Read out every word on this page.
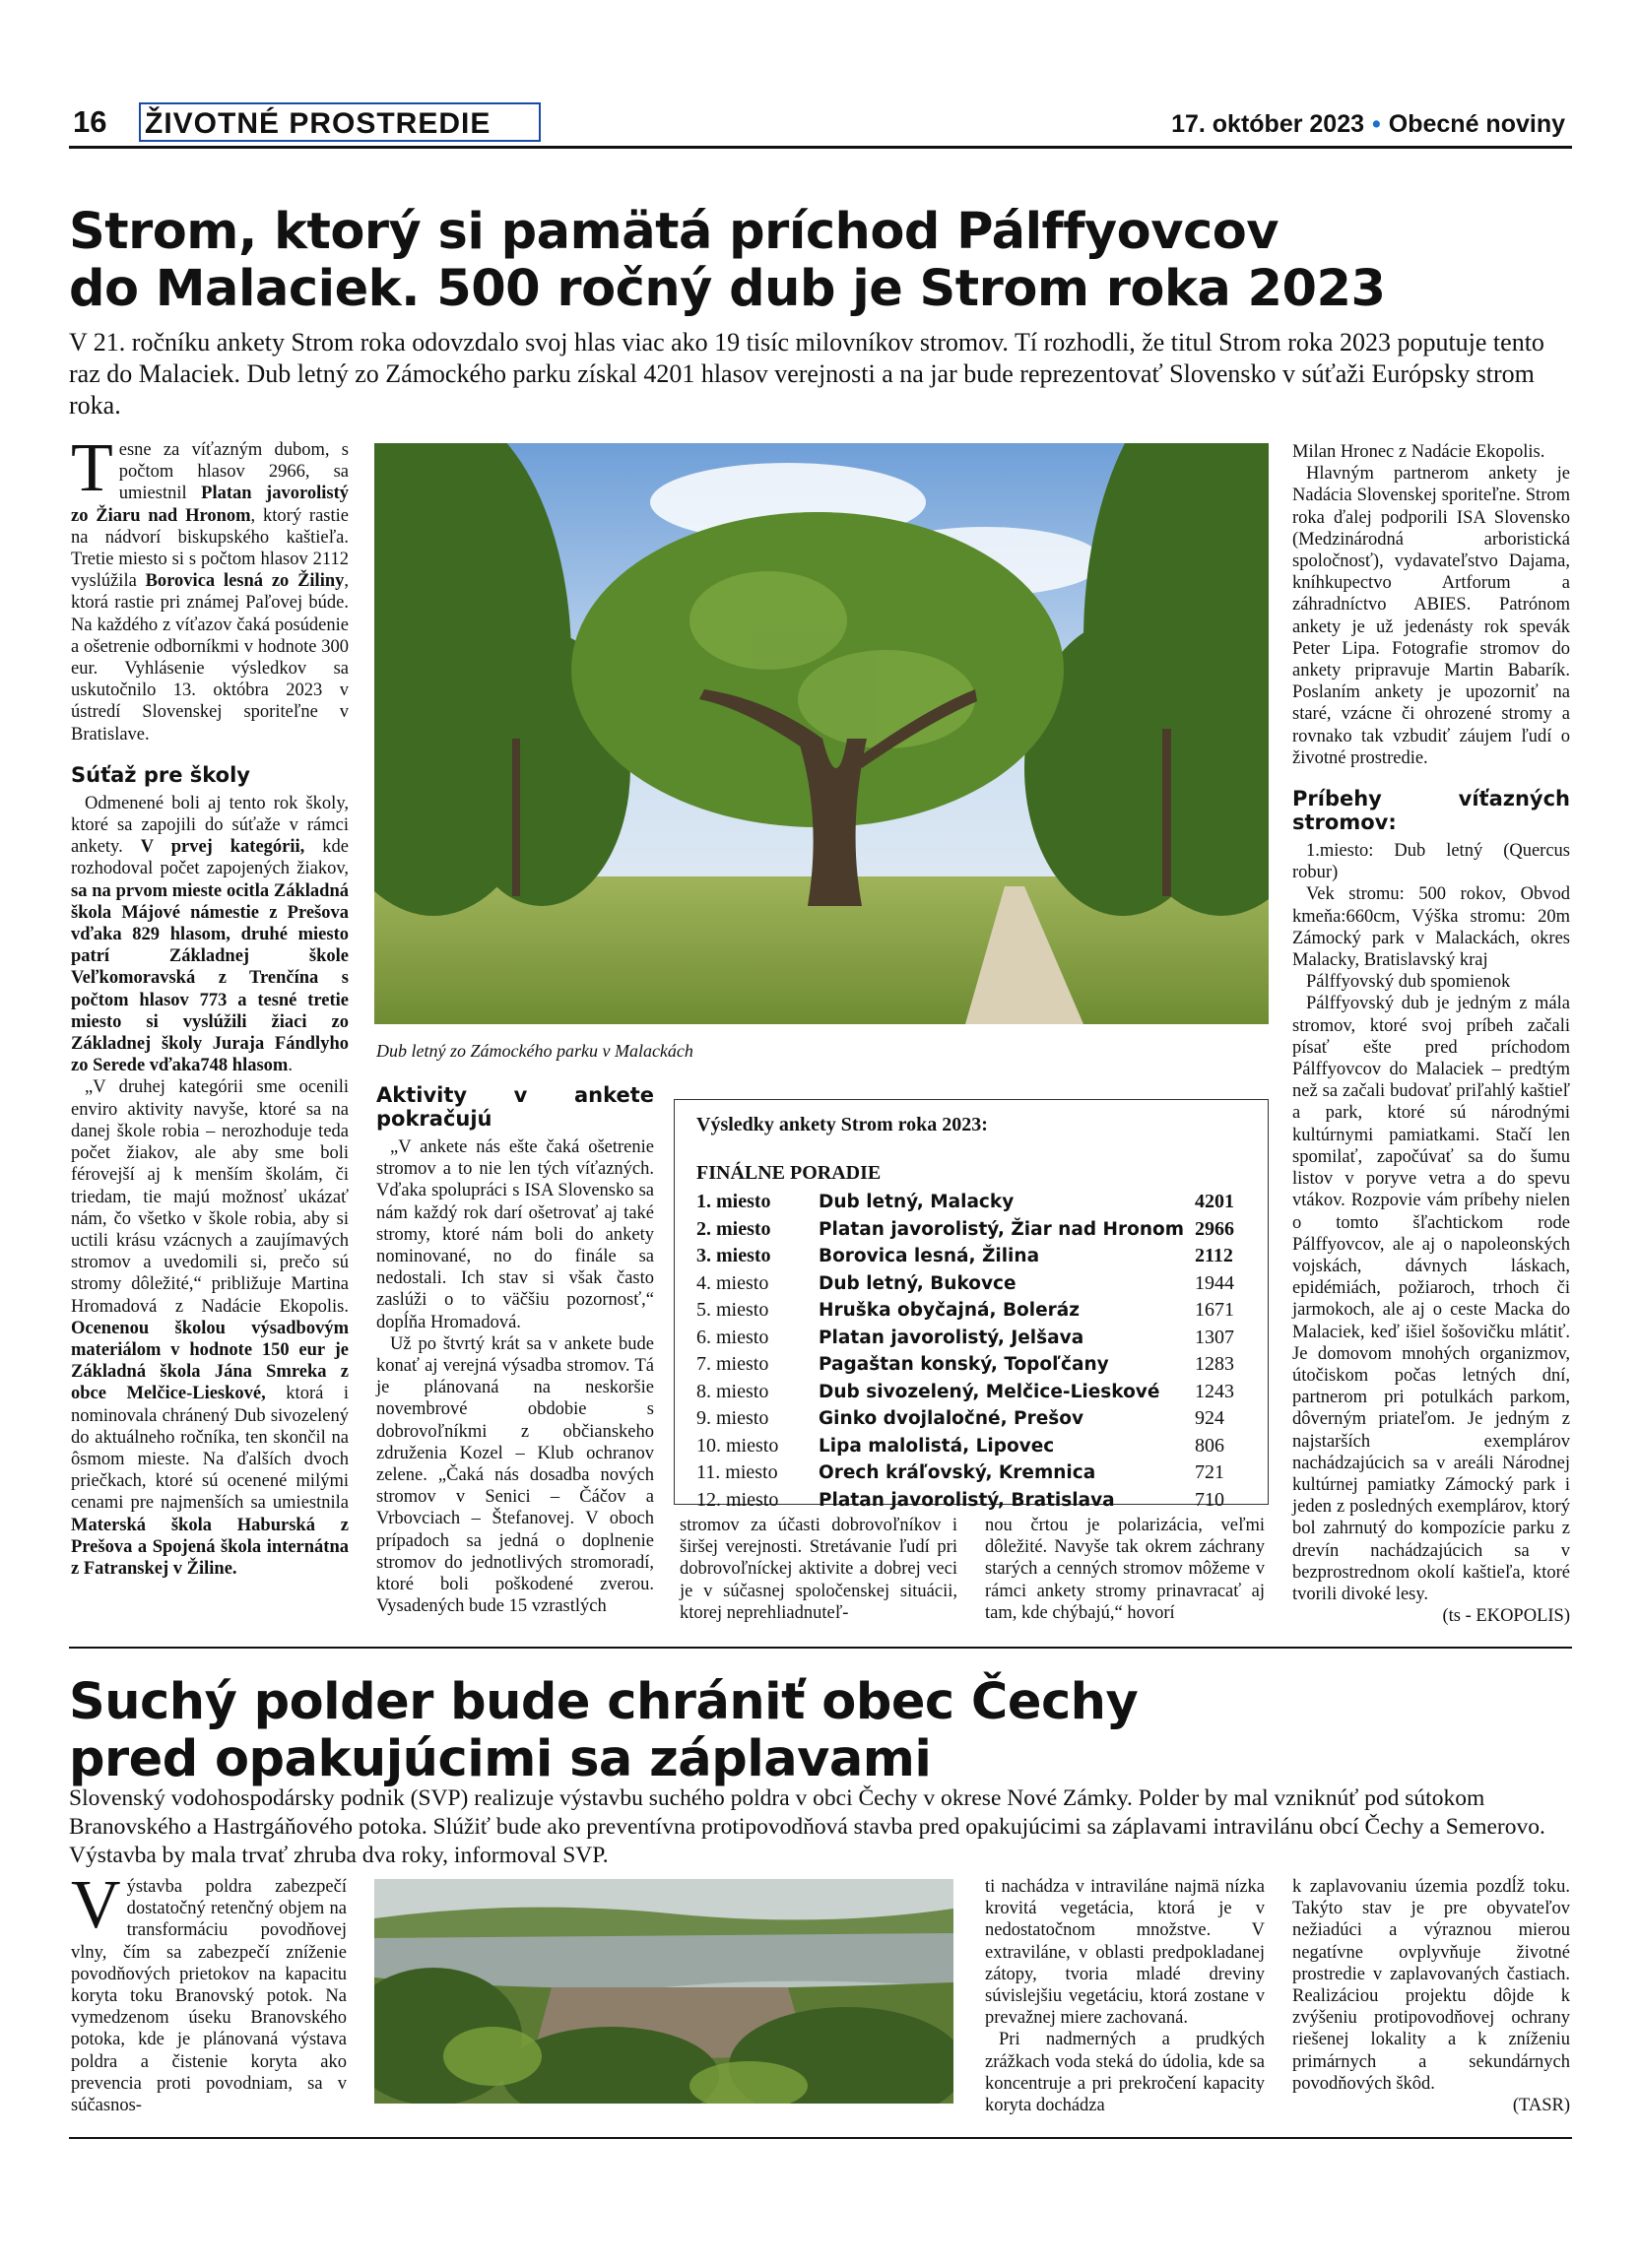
16 ŽIVOTNÉ PROSTREDIE	17. október 2023 • Obecné noviny
Strom, ktorý si pamätá príchod Pálffyovcov
do Malaciek. 500 ročný dub je Strom roka 2023
V 21. ročníku ankety Strom roka odovzdalo svoj hlas viac ako 19 tisíc milovníkov stromov. Tí rozhodli, že titul Strom roka 2023 poputuje tento raz do Malaciek. Dub letný zo Zámockého parku získal 4201 hlasov verejnosti a na jar bude reprezentovať Slovensko v súťaži Európsky strom roka.

Tesne za víťazným dubom, s počtom hlasov 2966, sa umiestnil Platan javorolistý zo Žiaru nad Hronom, ktorý rastie na nádvorí biskupského kaštieľa. Tretie miesto si s počtom hlasov 2112 vyslúžila Borovica lesná zo Žiliny, ktorá rastie pri známej Paľovej búde. Na každého z víťazov čaká posúdenie a ošetrenie odborníkmi v hodnote 300 eur. Vyhlásenie výsledkov sa uskutočnilo 13. októbra 2023 v ústredí Slovenskej sporiteľne v Bratislave.

Súťaž pre školy

Odmenené boli aj tento rok školy, ktoré sa zapojili do súťaže v rámci ankety. V prvej kategórii, kde rozhodoval počet zapojených žiakov, sa na prvom mieste ocitla Základná škola Májové námestie z Prešova vďaka 829 hlasom, druhé miesto patrí Základnej škole Veľkomoravská z Trenčína s počtom hlasov 773 a tesné tretie miesto si vyslúžili žiaci zo Základnej školy Juraja Fándlyho zo Serede vďaka748 hlasom.

„V druhej kategórii sme ocenili enviro aktivity navyše, ktoré sa na danej škole robia – nerozhoduje teda počet žiakov, ale aby sme boli férovejší aj k menším školám, či triedam, tie majú možnosť ukázať nám, čo všetko v škole robia, aby si uctili krásu vzácnych a zaujímavých stromov a uvedomili si, prečo sú stromy dôležité,“ približuje Martina Hromadová z Nadácie Ekopolis. Ocenenou školou výsadbovým materiálom v hodnote 150 eur je Základná škola Jána Smreka z obce Melčice-Lieskové, ktorá i nominovala chránený Dub sivozelený do aktuálneho ročníka, ten skončil na ôsmom mieste. Na ďalších dvoch priečkach, ktoré sú ocenené milými cenami pre najmenších sa umiestnila Materská škola Haburská z Prešova a Spojená škola internátna z Fatranskej v Žiline.

Dub letný zo Zámockého parku v Malackách
Aktivity v ankete pokračujú

„V ankete nás ešte čaká ošetrenie stromov a to nie len tých víťazných. Vďaka spolupráci s ISA Slovensko sa nám každý rok darí ošetrovať aj také stromy, ktoré nám boli do ankety nominované, no do finále sa nedostali. Ich stav si však často zaslúži o to väčšiu pozornosť,“ dopĺňa Hromadová.

Už po štvrtý krát sa v ankete bude konať aj verejná výsadba stromov. Tá je plánovaná na neskoršie novembrové obdobie s dobrovoľníkmi z občianskeho združenia Kozel – Klub ochranov zelene. „Čaká nás dosadba nových stromov v Senici – Čáčov a Vrbovciach – Štefanovej. V oboch prípadoch sa jedná o doplnenie stromov do jednotlivých stromoradí, ktoré boli poškodené zverou. Vysadených bude 15 vzrastlých

Výsledky ankety Strom roka 2023:
FINÁLNE PORADIE
1. miesto	Dub letný, Malacky	4201
2. miesto	Platan javorolistý, Žiar nad Hronom 2966
3. miesto	Borovica lesná, Žilina	2112
4. miesto	Dub letný, Bukovce	1944
5. miesto	Hruška obyčajná, Boleráz	1671
6. miesto	Platan javorolistý, Jelšava	1307
7. miesto	Pagaštan konský, Topoľčany	1283
8. miesto	Dub sivozelený, Melčice-Lieskové	1243
9. miesto	Ginko dvojlaločné, Prešov	924
10. miesto	Lipa malolistá, Lipovec	806
11. miesto	Orech kráľovský, Kremnica	721
12. miesto	Platan javorolistý, Bratislava	710

stromov za účasti dobrovoľníkov i širšej verejnosti. Stretávanie ľudí pri dobrovoľníckej aktivite a dobrej veci je v súčasnej spoločenskej situácii, ktorej neprehliadnuteľ-

nou črtou je polarizácia, veľmi dôležité. Navyše tak okrem záchrany starých a cenných stromov môžeme v rámci ankety stromy prinavracať aj tam, kde chýbajú,“ hovorí

Milan Hronec z Nadácie Ekopolis.

Hlavným partnerom ankety je Nadácia Slovenskej sporiteľne. Strom roka ďalej podporili ISA Slovensko (Medzinárodná arboristická spoločnosť), vydavateľstvo Dajama, kníhkupectvo Artforum a záhradníctvo ABIES. Patrónom ankety je už jedenásty rok spevák Peter Lipa. Fotografie stromov do ankety pripravuje Martin Babarík. Poslaním ankety je upozorniť na staré, vzácne či ohrozené stromy a rovnako tak vzbudiť záujem ľudí o životné prostredie.

Príbehy víťazných stromov:

1.miesto: Dub letný (Quercus robur)

Vek stromu: 500 rokov, Obvod kmeňa:660cm, Výška stromu: 20m Zámocký park v Malackách, okres Malacky, Bratislavský kraj

Pálffyovský dub spomienok

Pálffyovský dub je jedným z mála stromov, ktoré svoj príbeh začali písať ešte pred príchodom Pálffyovcov do Malaciek – predtým než sa začali budovať priľahlý kaštieľ a park, ktoré sú národnými kultúrnymi pamiatkami. Stačí len spomilať, započúvať sa do šumu listov v poryve vetra a do spevu vtákov. Rozpovie vám príbehy nielen o tomto šľachtickom rode Pálffyovcov, ale aj o napoleonských vojskách, dávnych láskach, epidémiách, požiaroch, trhoch či jarmokoch, ale aj o ceste Macka do Malaciek, keď išiel šošovičku mlátiť. Je domovom mnohých organizmov, útočiskom počas letných dní, partnerom pri potulkách parkom, dôverným priateľom. Je jedným z najstarších exemplárov nachádzajúcich sa v areáli Národnej kultúrnej pamiatky Zámocký park i jeden z posledných exemplárov, ktorý bol zahrnutý do kompozície parku z drevín nachádzajúcich sa v bezprostrednom okolí kaštieľa, ktoré tvorili divoké lesy.

(ts - EKOPOLIS)
Suchý polder bude chrániť obec Čechy
pred opakujúcimi sa záplavami
Slovenský vodohospodársky podnik (SVP) realizuje výstavbu suchého poldra v obci Čechy v okrese Nové Zámky. Polder by mal vzniknúť pod sútokom Branovského a Hastrgáňového potoka. Slúžiť bude ako preventívna protipovodňová stavba pred opakujúcimi sa záplavami intravilánu obcí Čechy a Semerovo. Výstavba by mala trvať zhruba dva roky, informoval SVP.

Výstavba poldra zabezpečí dostatočný retenčný objem na transformáciu povodňovej vlny, čím sa zabezpečí zníženie povodňových prietokov na kapacitu koryta toku Branovský potok. Na vymedzenom úseku Branovského potoka, kde je plánovaná výstava poldra a čistenie koryta ako prevencia proti povodniam, sa v súčasnos-

ti nachádza v intraviláne najmä nízka krovitá vegetácia, ktorá je v nedostatočnom množstve. V extraviláne, v oblasti predpokladanej zátopy, tvoria mladé dreviny súvislejšiu vegetáciu, ktorá zostane v prevažnej miere zachovaná.

Pri nadmerných a prudkých zrážkach voda steká do údolia, kde sa koncentruje a pri prekročení kapacity koryta dochádza

k zaplavovaniu územia pozdĺž toku. Takýto stav je pre obyvateľov nežiadúci a výraznou mierou negatívne ovplyvňuje životné prostredie v zaplavovaných častiach. Realizáciou projektu dôjde k zvýšeniu protipovodňovej ochrany riešenej lokality a k zníženiu primárnych a sekundárnych povodňových škôd.

(TASR)
